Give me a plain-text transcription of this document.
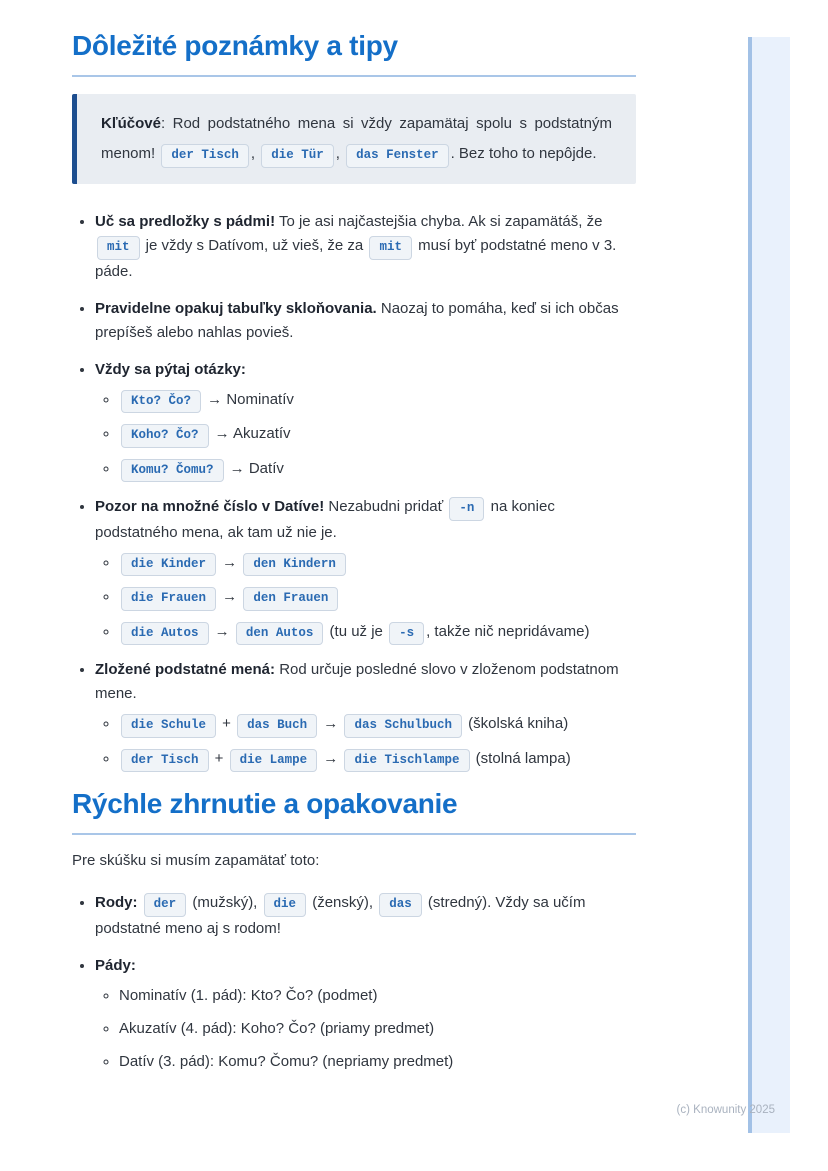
Dôležité poznámky a tipy

Kľúčové: Rod podstatného mena si vždy zapamätaj spolu s podstatným menom! der Tisch , die Tür , das Fenster . Bez toho to nepôjde.

• Uč sa predložky s pádmi! To je asi najčastejšia chyba. Ak si zapamätáš, že mit je vždy s Datívom, už vieš, že za mit musí byť podstatné meno v 3. páde.
• Pravidelne opakuj tabuľky skloňovania. Naozaj to pomáha, keď si ich občas prepíšeš alebo nahlas povieš.
• Vždy sa pýtaj otázky:
◦ Kto? Čo? → Nominatív
◦ Koho? Čo? → Akuzatív
◦ Komu? Čomu? → Datív
• Pozor na množné číslo v Datíve! Nezabudni pridať -n na koniec podstatného mena, ak tam už nie je.
◦ die Kinder → den Kindern
◦ die Frauen → den Frauen
◦ die Autos → den Autos (tu už je -s , takže nič nepridávame)
• Zložené podstatné mená: Rod určuje posledné slovo v zloženom podstatnom mene.
◦ die Schule + das Buch → das Schulbuch (školská kniha)
◦ der Tisch + die Lampe → die Tischlampe (stolná lampa)
Rýchle zhrnutie a opakovanie

Pre skúšku si musím zapamätať toto:

• Rody: der (mužský), die (ženský), das (stredný). Vždy sa učím podstatné meno aj s rodom!
• Pády:
◦ Nominatív (1. pád): Kto? Čo? (podmet)
◦ Akuzatív (4. pád): Koho? Čo? (priamy predmet)
◦ Datív (3. pád): Komu? Čomu? (nepriamy predmet)
(c) Knowunity 2025
